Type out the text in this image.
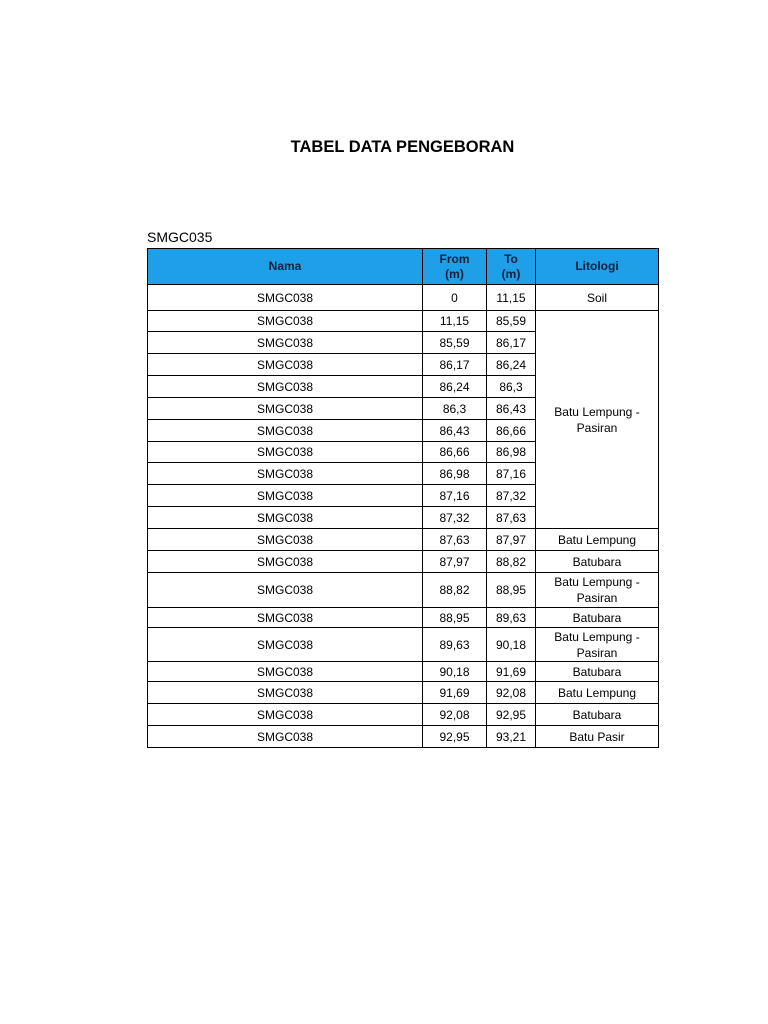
TABEL DATA PENGEBORAN
SMGC035
Nama	From (m)	To (m)	Litologi
SMGC038	0	11,15	Soil
SMGC038	11,15	85,59	Batu Lempung - Pasiran
SMGC038	85,59	86,17	
SMGC038	86,17	86,24	
SMGC038	86,24	86,3	
SMGC038	86,3	86,43	
SMGC038	86,43	86,66	
SMGC038	86,66	86,98	
SMGC038	86,98	87,16	
SMGC038	87,16	87,32	
SMGC038	87,32	87,63	
SMGC038	87,63	87,97	Batu Lempung
SMGC038	87,97	88,82	Batubara
SMGC038	88,82	88,95	Batu Lempung - Pasiran
SMGC038	88,95	89,63	Batubara
SMGC038	89,63	90,18	Batu Lempung - Pasiran
SMGC038	90,18	91,69	Batubara
SMGC038	91,69	92,08	Batu Lempung
SMGC038	92,08	92,95	Batubara
SMGC038	92,95	93,21	Batu Pasir
